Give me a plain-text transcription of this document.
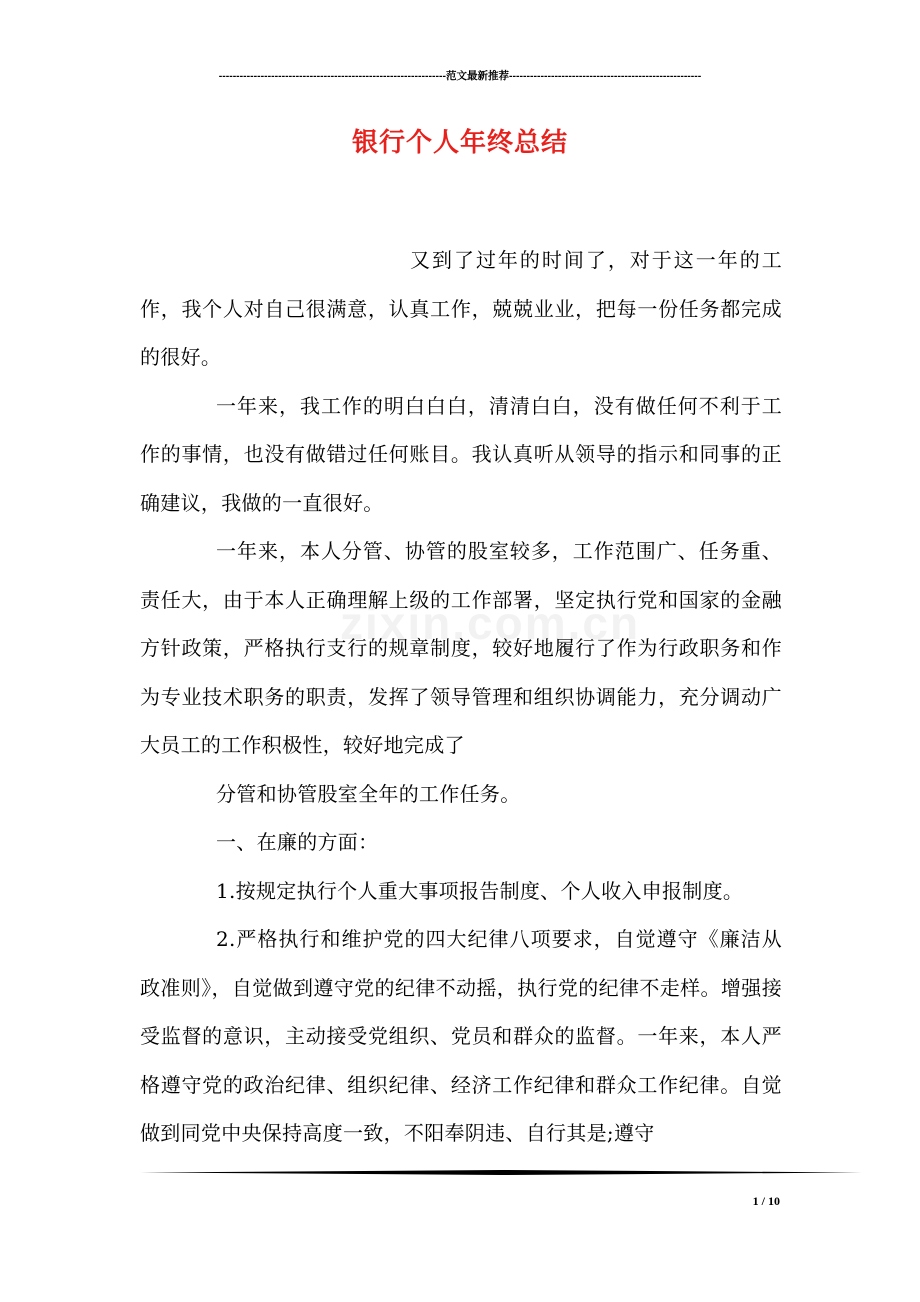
-----------------------------------------------------------------范文最新推荐-------------------------------------------------------
银行个人年终总结
zixin.com.cn

又到了过年的时间了，对于这一年的工作，我个人对自己很满意，认真工作，兢兢业业，把每一份任务都完成的很好。

一年来，我工作的明白白白，清清白白，没有做任何不利于工作的事情，也没有做错过任何账目。我认真听从领导的指示和同事的正确建议，我做的一直很好。

一年来，本人分管、协管的股室较多，工作范围广、任务重、责任大，由于本人正确理解上级的工作部署，坚定执行党和国家的金融方针政策，严格执行支行的规章制度，较好地履行了作为行政职务和作为专业技术职务的职责，发挥了领导管理和组织协调能力，充分调动广大员工的工作积极性，较好地完成了

分管和协管股室全年的工作任务。

一、在廉的方面：

1.按规定执行个人重大事项报告制度、个人收入申报制度。

2.严格执行和维护党的四大纪律八项要求，自觉遵守《廉洁从政准则》，自觉做到遵守党的纪律不动摇，执行党的纪律不走样。增强接受监督的意识，主动接受党组织、党员和群众的监督。一年来，本人严格遵守党的政治纪律、组织纪律、经济工作纪律和群众工作纪律。自觉做到同党中央保持高度一致，不阳奉阴违、自行其是;遵守

1 / 10
